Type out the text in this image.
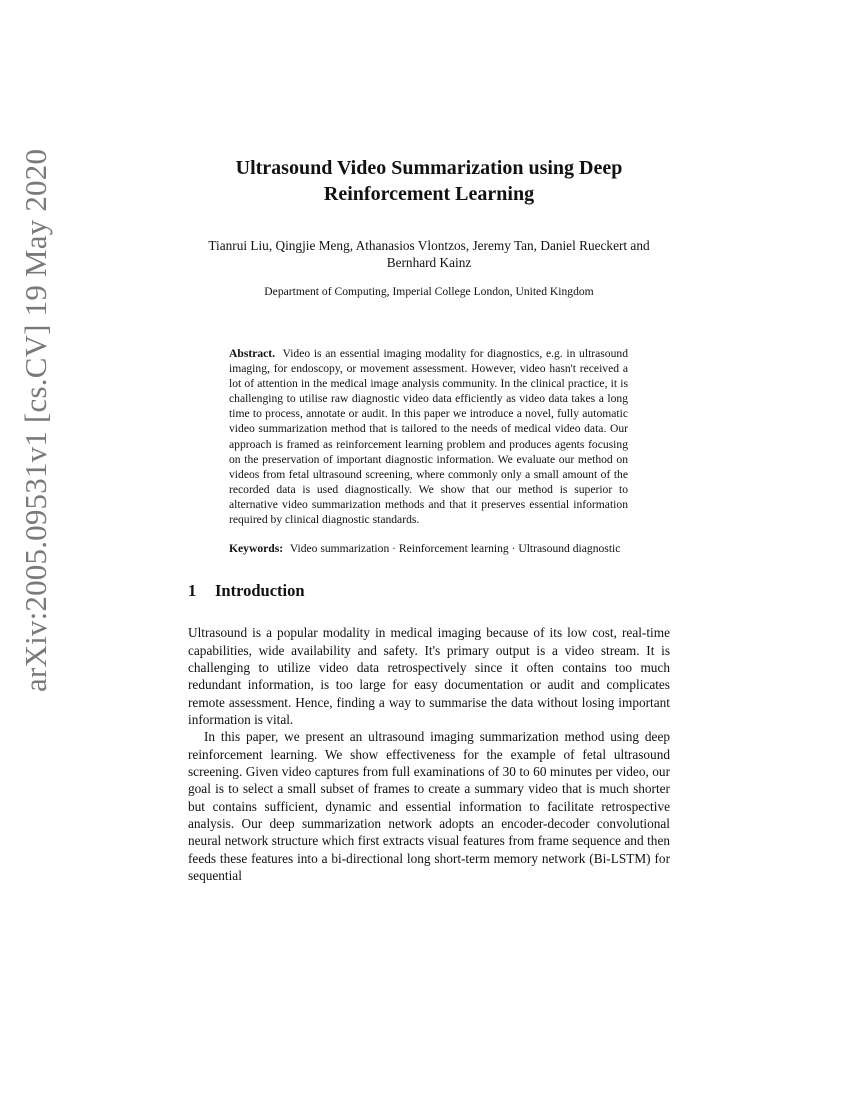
arXiv:2005.09531v1 [cs.CV] 19 May 2020	Ultrasound Video Summarization using Deep Reinforcement Learning
Tianrui Liu, Qingjie Meng, Athanasios Vlontzos, Jeremy Tan, Daniel Rueckert and Bernhard Kainz
Department of Computing, Imperial College London, United Kingdom
Abstract. Video is an essential imaging modality for diagnostics, e.g. in ultrasound imaging, for endoscopy, or movement assessment. However, video hasn't received a lot of attention in the medical image analysis community. In the clinical practice, it is challenging to utilise raw diagnostic video data efficiently as video data takes a long time to process, annotate or audit. In this paper we introduce a novel, fully automatic video summarization method that is tailored to the needs of medical video data. Our approach is framed as reinforcement learning problem and produces agents focusing on the preservation of important diagnostic information. We evaluate our method on videos from fetal ultrasound screening, where commonly only a small amount of the recorded data is used diagnostically. We show that our method is superior to alternative video summarization methods and that it preserves essential information required by clinical diagnostic standards.
Keywords: Video summarization · Reinforcement learning · Ultrasound diagnostic
1 Introduction

Ultrasound is a popular modality in medical imaging because of its low cost, real-time capabilities, wide availability and safety. It's primary output is a video stream. It is challenging to utilize video data retrospectively since it often contains too much redundant information, is too large for easy documentation or audit and complicates remote assessment. Hence, finding a way to summarise the data without losing important information is vital.

In this paper, we present an ultrasound imaging summarization method using deep reinforcement learning. We show effectiveness for the example of fetal ultrasound screening. Given video captures from full examinations of 30 to 60 minutes per video, our goal is to select a small subset of frames to create a summary video that is much shorter but contains sufficient, dynamic and essential information to facilitate retrospective analysis. Our deep summarization network adopts an encoder-decoder convolutional neural network structure which first extracts visual features from frame sequence and then feeds these features into a bi-directional long short-term memory network (Bi-LSTM) for sequential
